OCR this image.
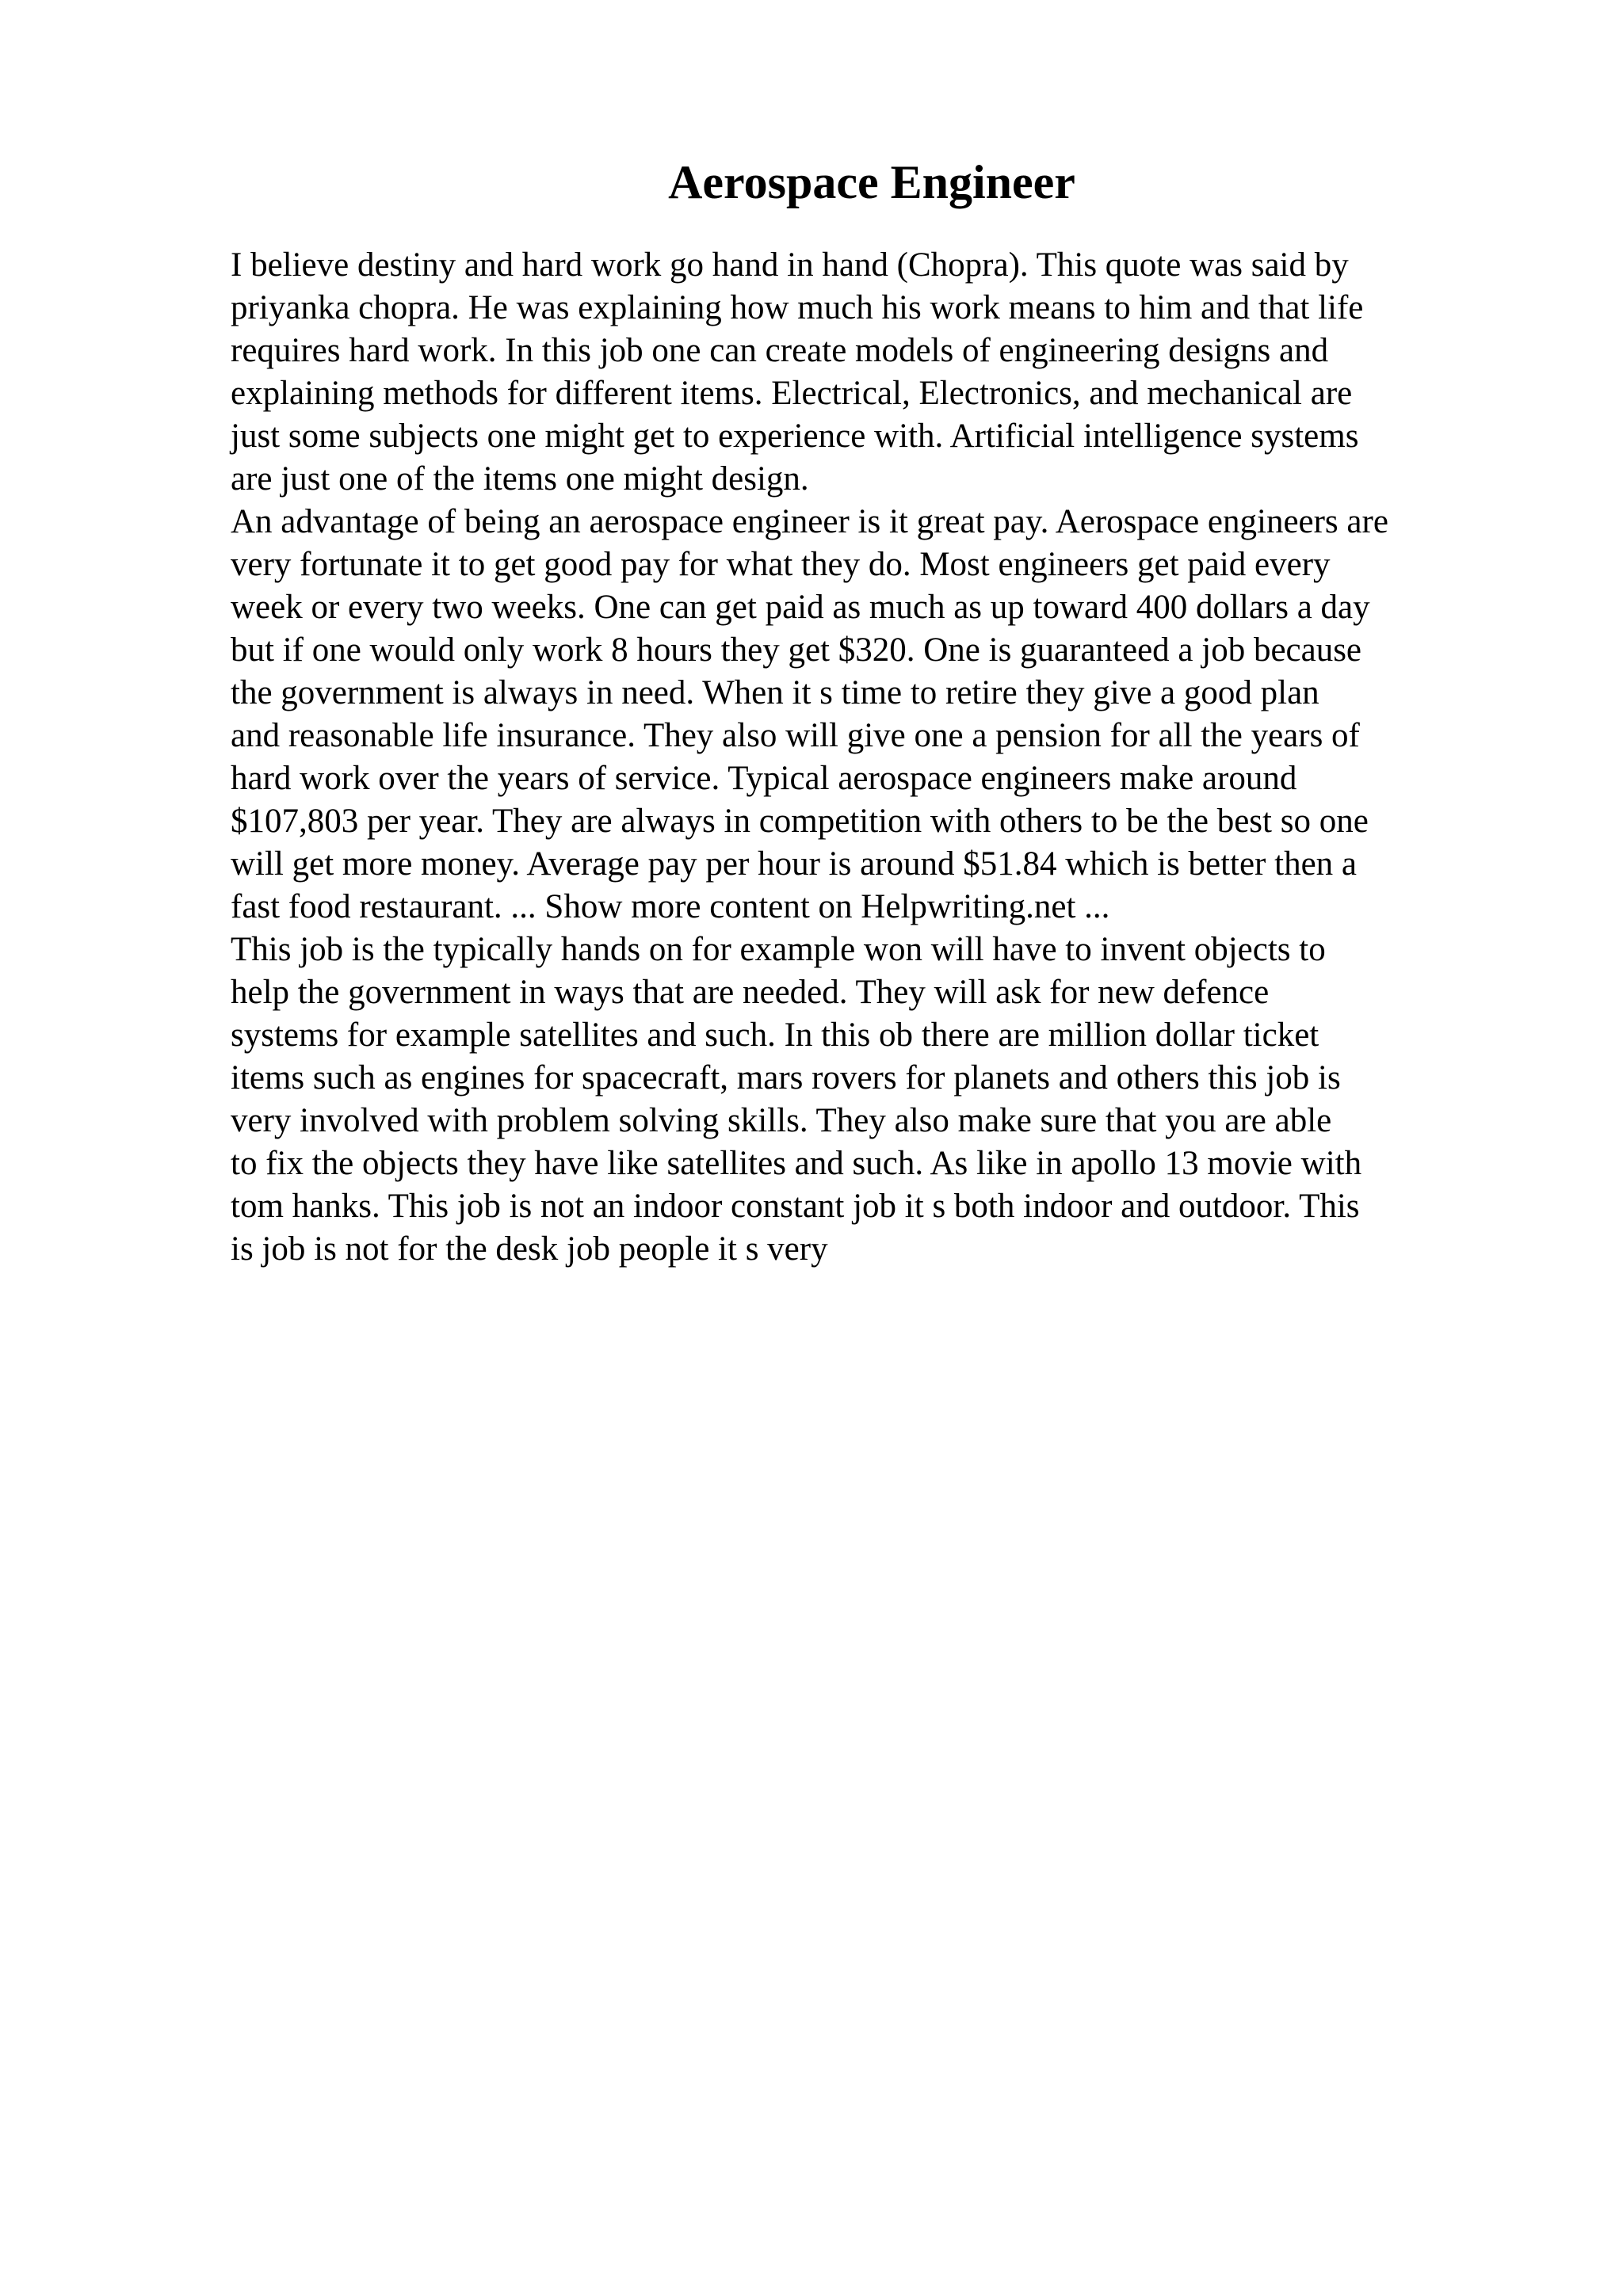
Aerospace Engineer
I believe destiny and hard work go hand in hand (Chopra). This quote was said by
priyanka chopra. He was explaining how much his work means to him and that life
requires hard work. In this job one can create models of engineering designs and
explaining methods for different items. Electrical, Electronics, and mechanical are
just some subjects one might get to experience with. Artificial intelligence systems
are just one of the items one might design.
An advantage of being an aerospace engineer is it great pay. Aerospace engineers are
very fortunate it to get good pay for what they do. Most engineers get paid every
week or every two weeks. One can get paid as much as up toward 400 dollars a day
but if one would only work 8 hours they get $320. One is guaranteed a job because
the government is always in need. When it s time to retire they give a good plan
and reasonable life insurance. They also will give one a pension for all the years of
hard work over the years of service. Typical aerospace engineers make around
$107,803 per year. They are always in competition with others to be the best so one
will get more money. Average pay per hour is around $51.84 which is better then a
fast food restaurant. ... Show more content on Helpwriting.net ...
This job is the typically hands on for example won will have to invent objects to
help the government in ways that are needed. They will ask for new defence
systems for example satellites and such. In this ob there are million dollar ticket
items such as engines for spacecraft, mars rovers for planets and others this job is
very involved with problem solving skills. They also make sure that you are able
to fix the objects they have like satellites and such. As like in apollo 13 movie with
tom hanks. This job is not an indoor constant job it s both indoor and outdoor. This
is job is not for the desk job people it s very
